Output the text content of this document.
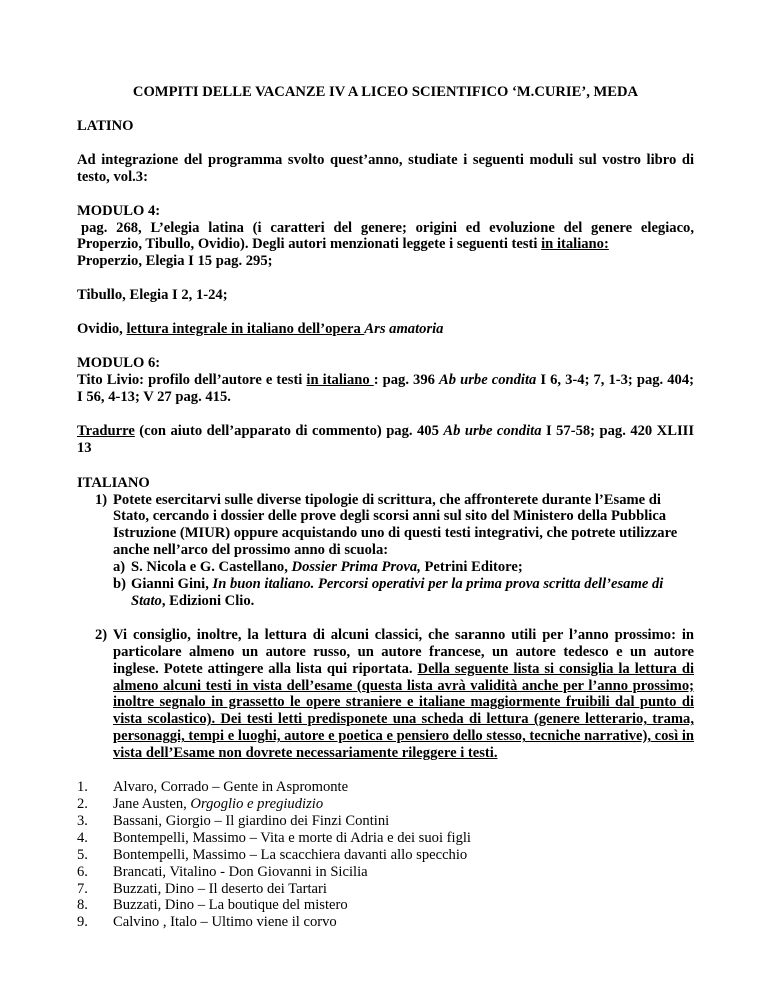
COMPITI DELLE VACANZE IV A LICEO SCIENTIFICO ‘M.CURIE’, MEDA

LATINO

Ad integrazione del programma svolto quest’anno, studiate i seguenti moduli sul vostro libro di testo, vol.3:

MODULO 4:

pag. 268, L’elegia latina (i caratteri del genere; origini ed evoluzione del genere elegiaco, Properzio, Tibullo, Ovidio). Degli autori menzionati leggete i seguenti testi in italiano:

Properzio, Elegia I 15 pag. 295;

Tibullo, Elegia I 2, 1-24;

Ovidio, lettura integrale in italiano dell’opera Ars amatoria

MODULO 6:

Tito Livio: profilo dell’autore e testi in italiano : pag. 396 Ab urbe condita I 6, 3-4; 7, 1-3; pag. 404; I 56, 4-13; V 27 pag. 415.

Tradurre (con aiuto dell’apparato di commento) pag. 405 Ab urbe condita I 57-58; pag. 420 XLIII 13

ITALIANO

1) Potete esercitarvi sulle diverse tipologie di scrittura, che affronterete durante l’Esame di Stato, cercando i dossier delle prove degli scorsi anni sul sito del Ministero della Pubblica Istruzione (MIUR) oppure acquistando uno di questi testi integrativi, che potrete utilizzare anche nell’arco del prossimo anno di scuola:
a) S. Nicola e G. Castellano, Dossier Prima Prova, Petrini Editore;
b) Gianni Gini, In buon italiano. Percorsi operativi per la prima prova scritta dell’esame di Stato, Edizioni Clio.
2) Vi consiglio, inoltre, la lettura di alcuni classici, che saranno utili per l’anno prossimo: in particolare almeno un autore russo, un autore francese, un autore tedesco e un autore inglese. Potete attingere alla lista qui riportata. Della seguente lista si consiglia la lettura di almeno alcuni testi in vista dell’esame (questa lista avrà validità anche per l’anno prossimo; inoltre segnalo in grassetto le opere straniere e italiane maggiormente fruibili dal punto di vista scolastico). Dei testi letti predisponete una scheda di lettura (genere letterario, trama, personaggi, tempi e luoghi, autore e poetica e pensiero dello stesso, tecniche narrative), così in vista dell’Esame non dovrete necessariamente rileggere i testi.
1.	Alvaro, Corrado – Gente in Aspromonte
2.	Jane Austen, Orgoglio e pregiudizio
3.	Bassani, Giorgio – Il giardino dei Finzi Contini
4.	Bontempelli, Massimo – Vita e morte di Adria e dei suoi figli
5.	Bontempelli, Massimo – La scacchiera davanti allo specchio
6.	Brancati, Vitalino - Don Giovanni in Sicilia
7.	Buzzati, Dino – Il deserto dei Tartari
8.	Buzzati, Dino – La boutique del mistero
9.	Calvino , Italo – Ultimo viene il corvo
